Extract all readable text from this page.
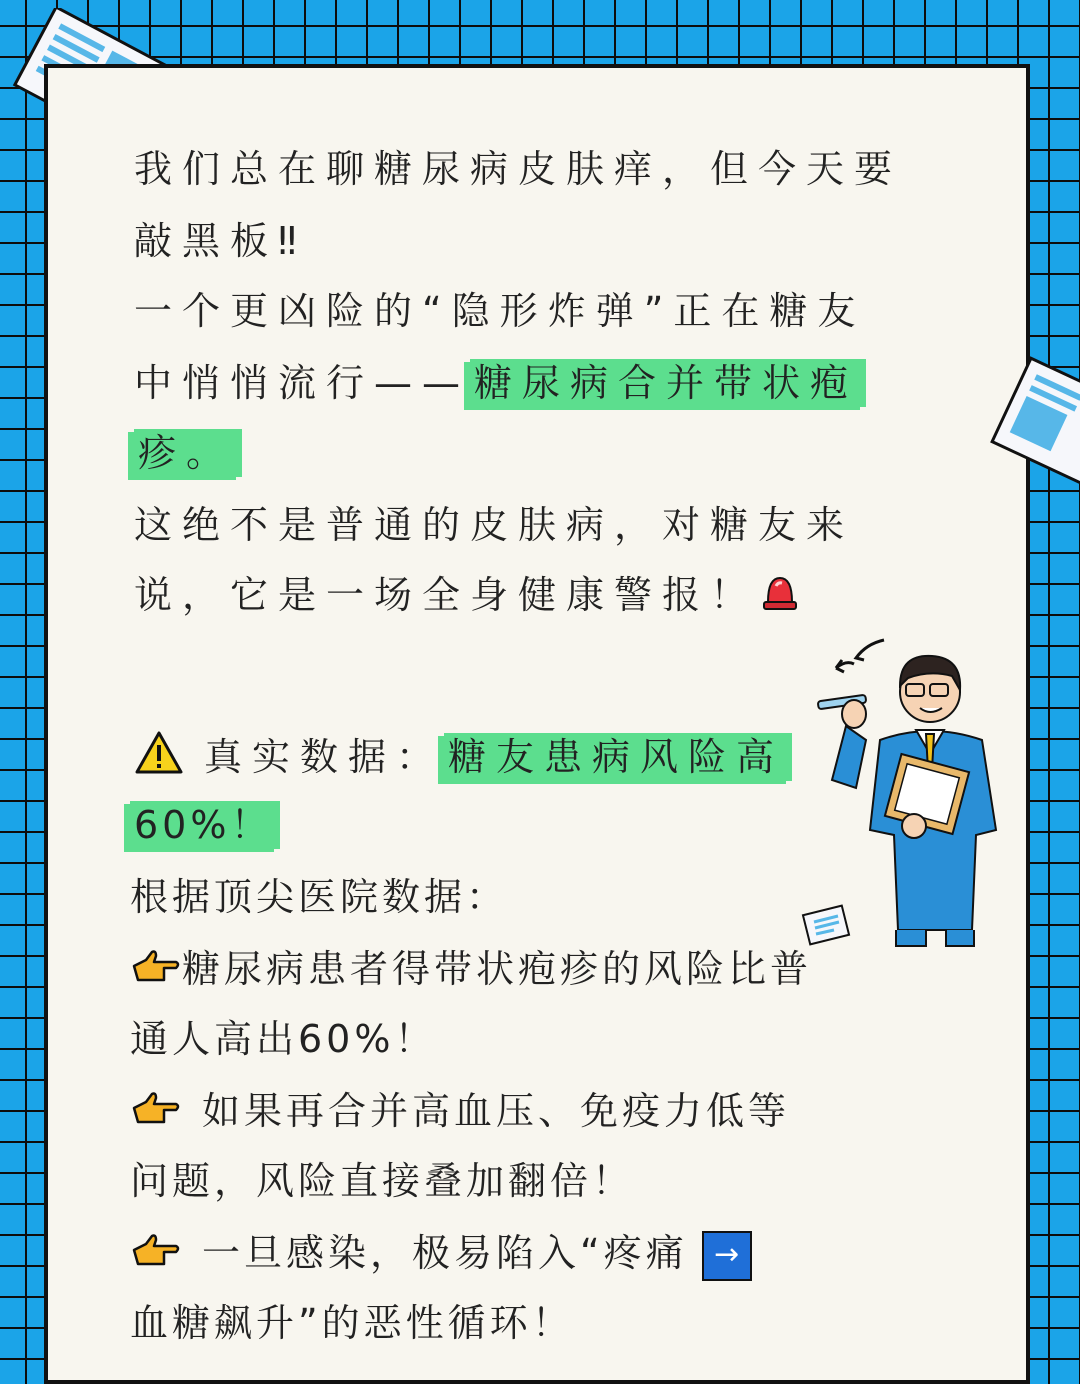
我们总在聊糖尿病皮肤痒，但今天要
敲黑板‼
一个更凶险的“隐形炸弹”正在糖友
中悄悄流行—— 糖尿病合并带状疱
疹。
这绝不是普通的皮肤病，对糖友来
说，它是一场全身健康警报！
真实数据： 糖友患病风险高
60%！
根据顶尖医院数据：
糖尿病患者得带状疱疹的风险比普
通人高出60%！
如果再合并高血压、免疫力低等
问题，风险直接叠加翻倍！
一旦感染，极易陷入“疼痛 →
血糖飙升”的恶性循环！
